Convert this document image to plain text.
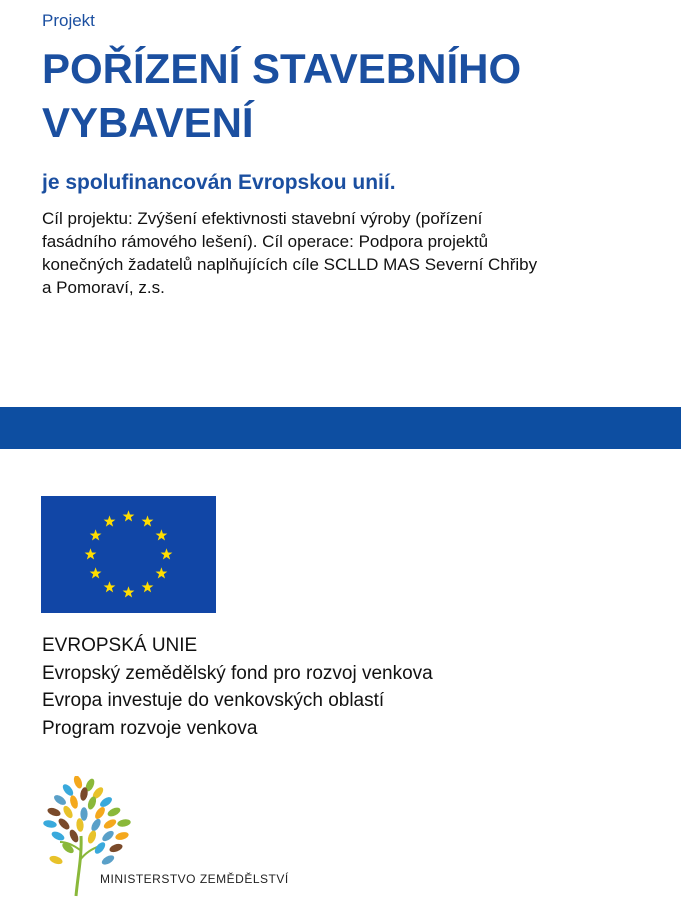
Projekt
POŘÍZENÍ STAVEBNÍHO
VYBAVENÍ
je spolufinancován Evropskou unií.
Cíl projektu: Zvýšení efektivnosti stavební výroby (pořízení
fasádního rámového lešení). Cíl operace: Podpora projektů
konečných žadatelů naplňujících cíle SCLLD MAS Severní Chřiby
a Pomoraví, z.s.
EVROPSKÁ UNIE
Evropský zemědělský fond pro rozvoj venkova
Evropa investuje do venkovských oblastí
Program rozvoje venkova
MINISTERSTVO ZEMĚDĚLSTVÍ
